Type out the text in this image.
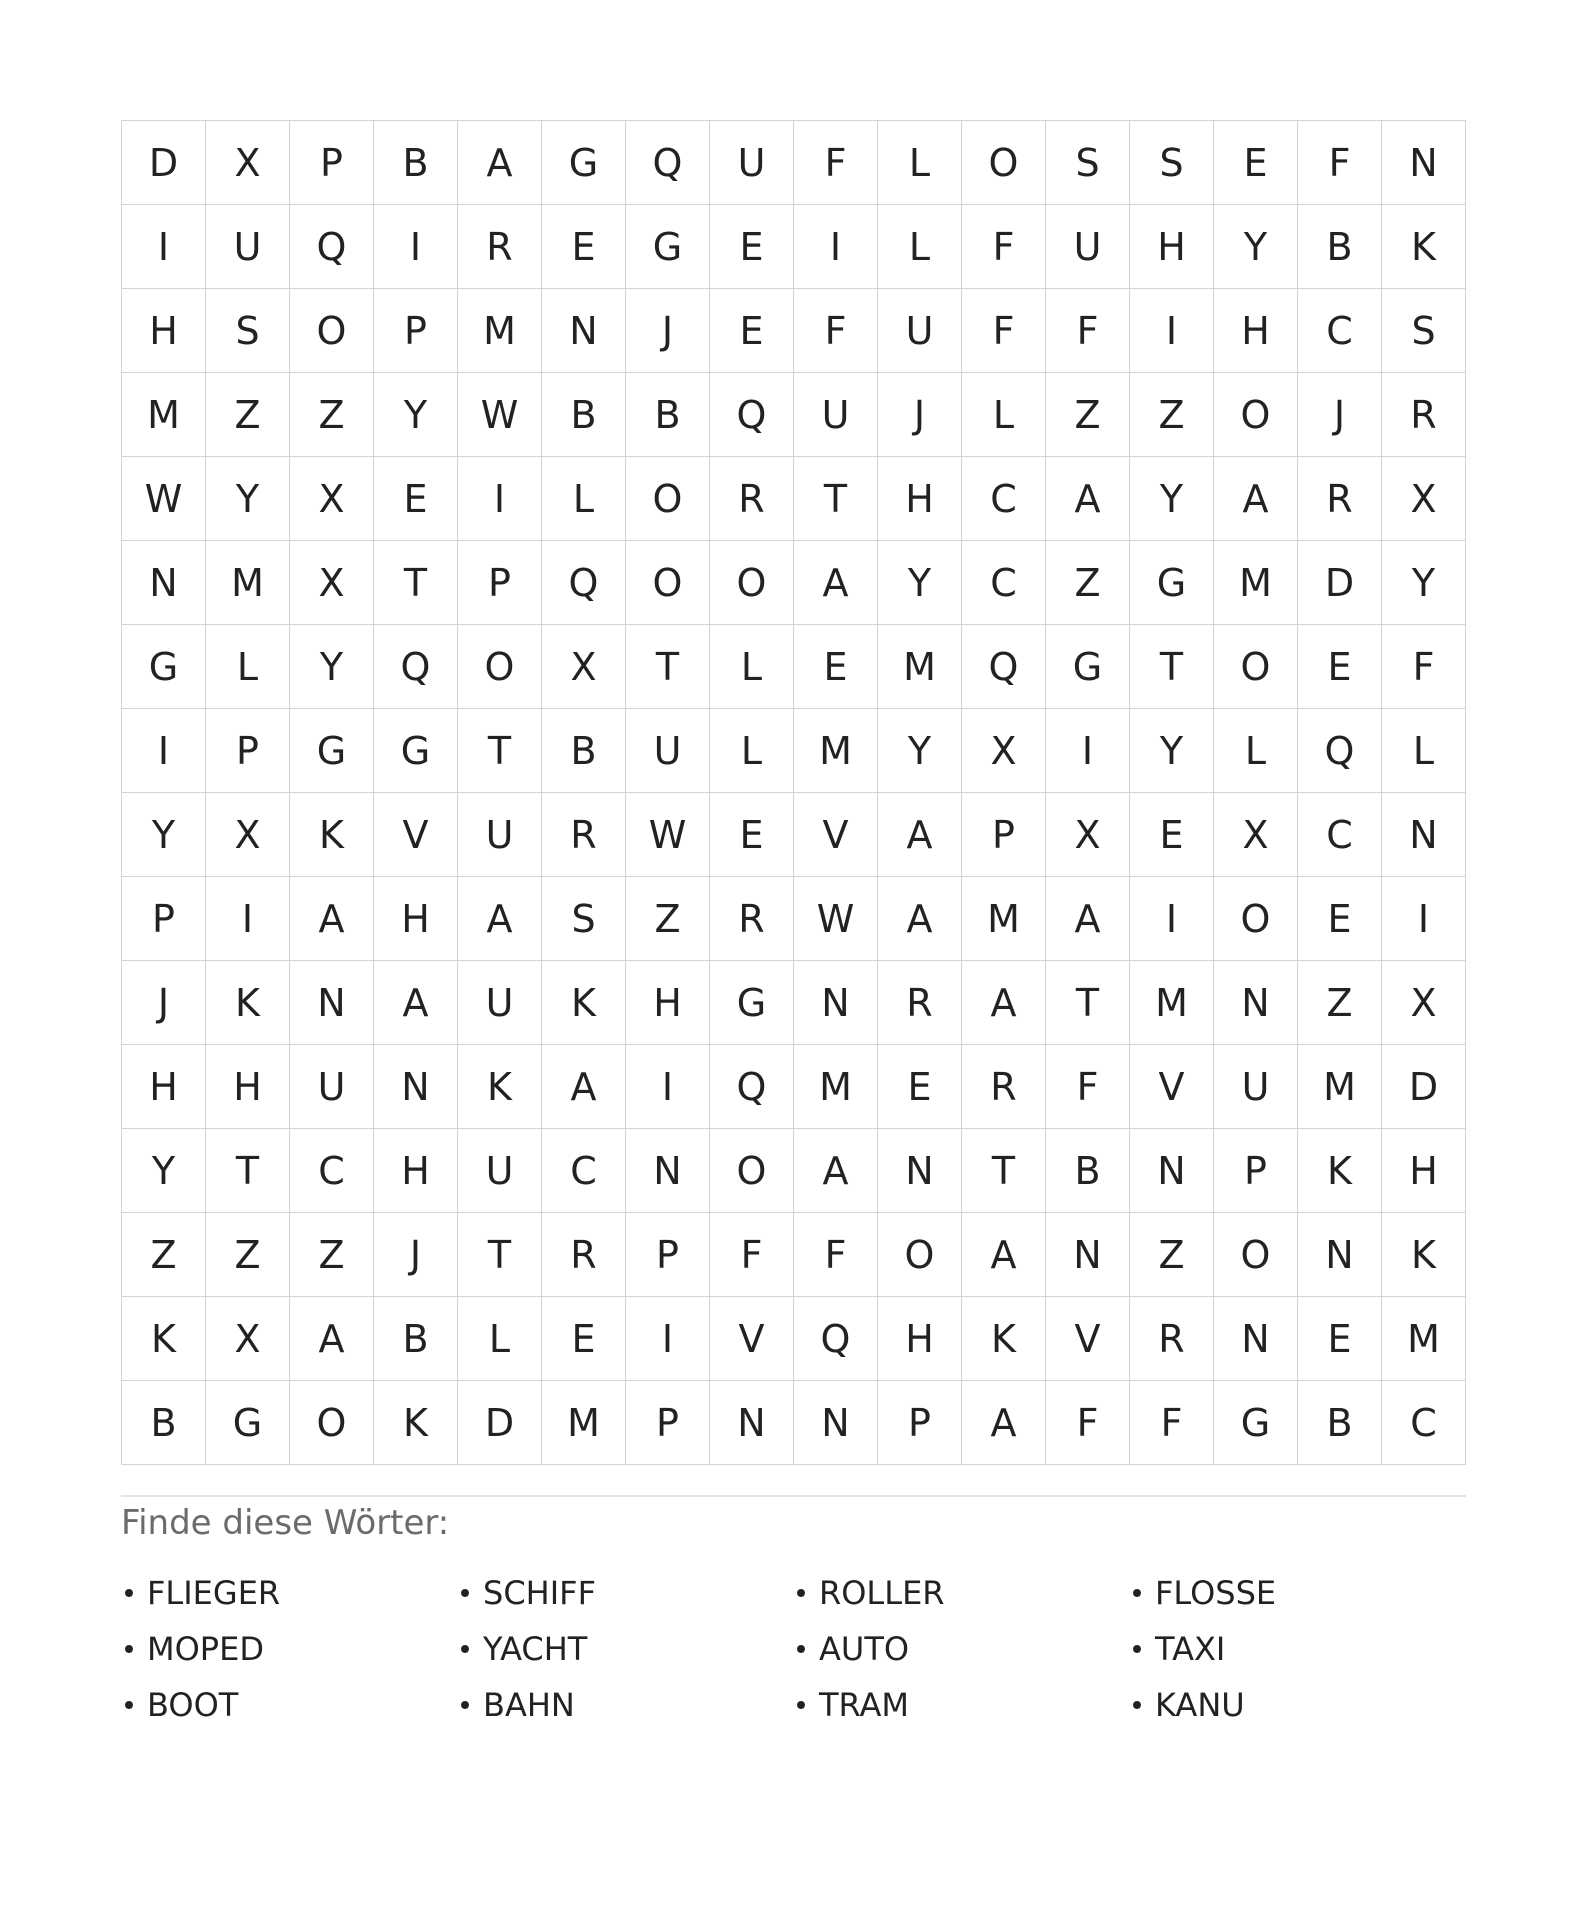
D	X	P	B	A	G	Q	U	F	L	O	S	S	E	F	N
I	U	Q	I	R	E	G	E	I	L	F	U	H	Y	B	K
H	S	O	P	M	N	J	E	F	U	F	F	I	H	C	S
M	Z	Z	Y	W	B	B	Q	U	J	L	Z	Z	O	J	R
W	Y	X	E	I	L	O	R	T	H	C	A	Y	A	R	X
N	M	X	T	P	Q	O	O	A	Y	C	Z	G	M	D	Y
G	L	Y	Q	O	X	T	L	E	M	Q	G	T	O	E	F
I	P	G	G	T	B	U	L	M	Y	X	I	Y	L	Q	L
Y	X	K	V	U	R	W	E	V	A	P	X	E	X	C	N
P	I	A	H	A	S	Z	R	W	A	M	A	I	O	E	I
J	K	N	A	U	K	H	G	N	R	A	T	M	N	Z	X
H	H	U	N	K	A	I	Q	M	E	R	F	V	U	M	D
Y	T	C	H	U	C	N	O	A	N	T	B	N	P	K	H
Z	Z	Z	J	T	R	P	F	F	O	A	N	Z	O	N	K
K	X	A	B	L	E	I	V	Q	H	K	V	R	N	E	M
B	G	O	K	D	M	P	N	N	P	A	F	F	G	B	C
Finde diese Wörter:
FLIEGER	SCHIFF	ROLLER	FLOSSE
MOPED	YACHT	AUTO	TAXI
BOOT	BAHN	TRAM	KANU
